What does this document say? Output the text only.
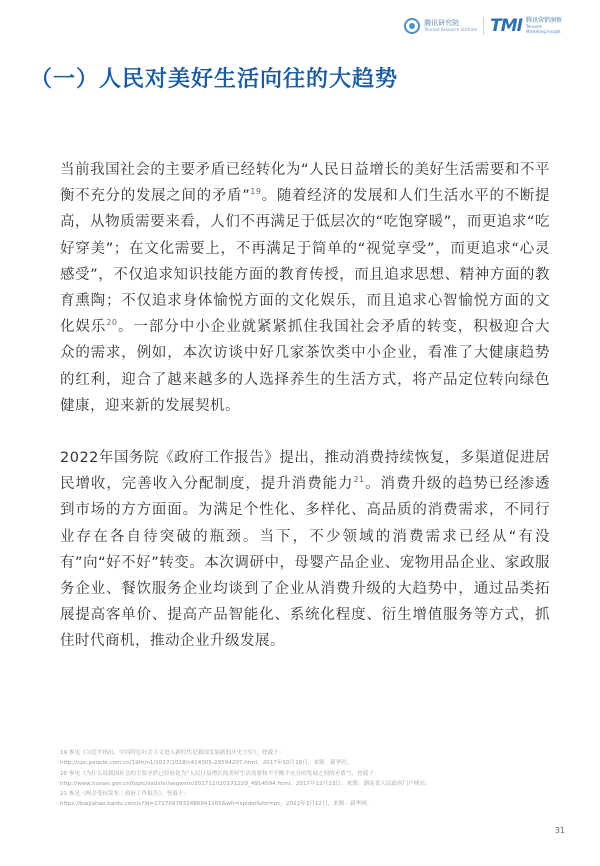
腾讯研究院
Tencent Research Institute TMI 腾讯营销洞察
Tencent
Marketing Insight
（一）人民对美好生活向往的大趋势

当前我国社会的主要矛盾已经转化为“人民日益增长的美好生活需要和不平衡不充分的发展之间的矛盾”$^{19}$。随着经济的发展和人们生活水平的不断提高，从物质需要来看，人们不再满足于低层次的“吃饱穿暖”，而更追求“吃好穿美”；在文化需要上，不再满足于简单的“视觉享受”，而更追求“心灵感受”，不仅追求知识技能方面的教育传授，而且追求思想、精神方面的教育熏陶；不仅追求身体愉悦方面的文化娱乐，而且追求心智愉悦方面的文化娱乐$^{20}$。一部分中小企业就紧紧抓住我国社会矛盾的转变，积极迎合大众的需求，例如，本次访谈中好几家茶饮类中小企业，看准了大健康趋势的红利，迎合了越来越多的人选择养生的生活方式，将产品定位转向绿色健康，迎来新的发展契机。

2022年国务院《政府工作报告》提出，推动消费持续恢复，多渠道促进居民增收，完善收入分配制度，提升消费能力$^{21}$。消费升级的趋势已经渗透到市场的方方面面。为满足个性化、多样化、高品质的消费需求，不同行业存在各自待突破的瓶颈。当下，不少领域的消费需求已经从“有没有”向“好不好”转变。本次调研中，母婴产品企业、宠物用品企业、家政服务企业、餐饮服务企业均谈到了企业从消费升级的大趋势中，通过品类拓展提高客单价、提高产品智能化、系统化程度、衍生增值服务等方式，抓住时代商机，推动企业升级发展。

19 参见《习近平指出，中国特色社会主义进入新时代是我国发展新的历史方位》，登载于：
http://cpc.people.com.cn/19th/n1/2017/1018/c414305-29594207.html，2017年10月18日，来源：新华社。
20 参见《为什么说我国社会的主要矛盾已经转化为“人民日益增长的美好生活需要和不平衡不充分的发展之间的矛盾”》，登载于：
http://www.hunan.gov.cn/topic/xsdxhn/segwsm/201712/t20171229_4914594.html，2017年12月23日，来源：湖南省人民政府门户网站。
21 参见《两会受权发布｜政府工作报告》，登载于：
https://baijiahao.baidu.com/s?id=1727097832486941265&wfr=spider&for=pc，2022年3月12日，来源：新华网。
31
